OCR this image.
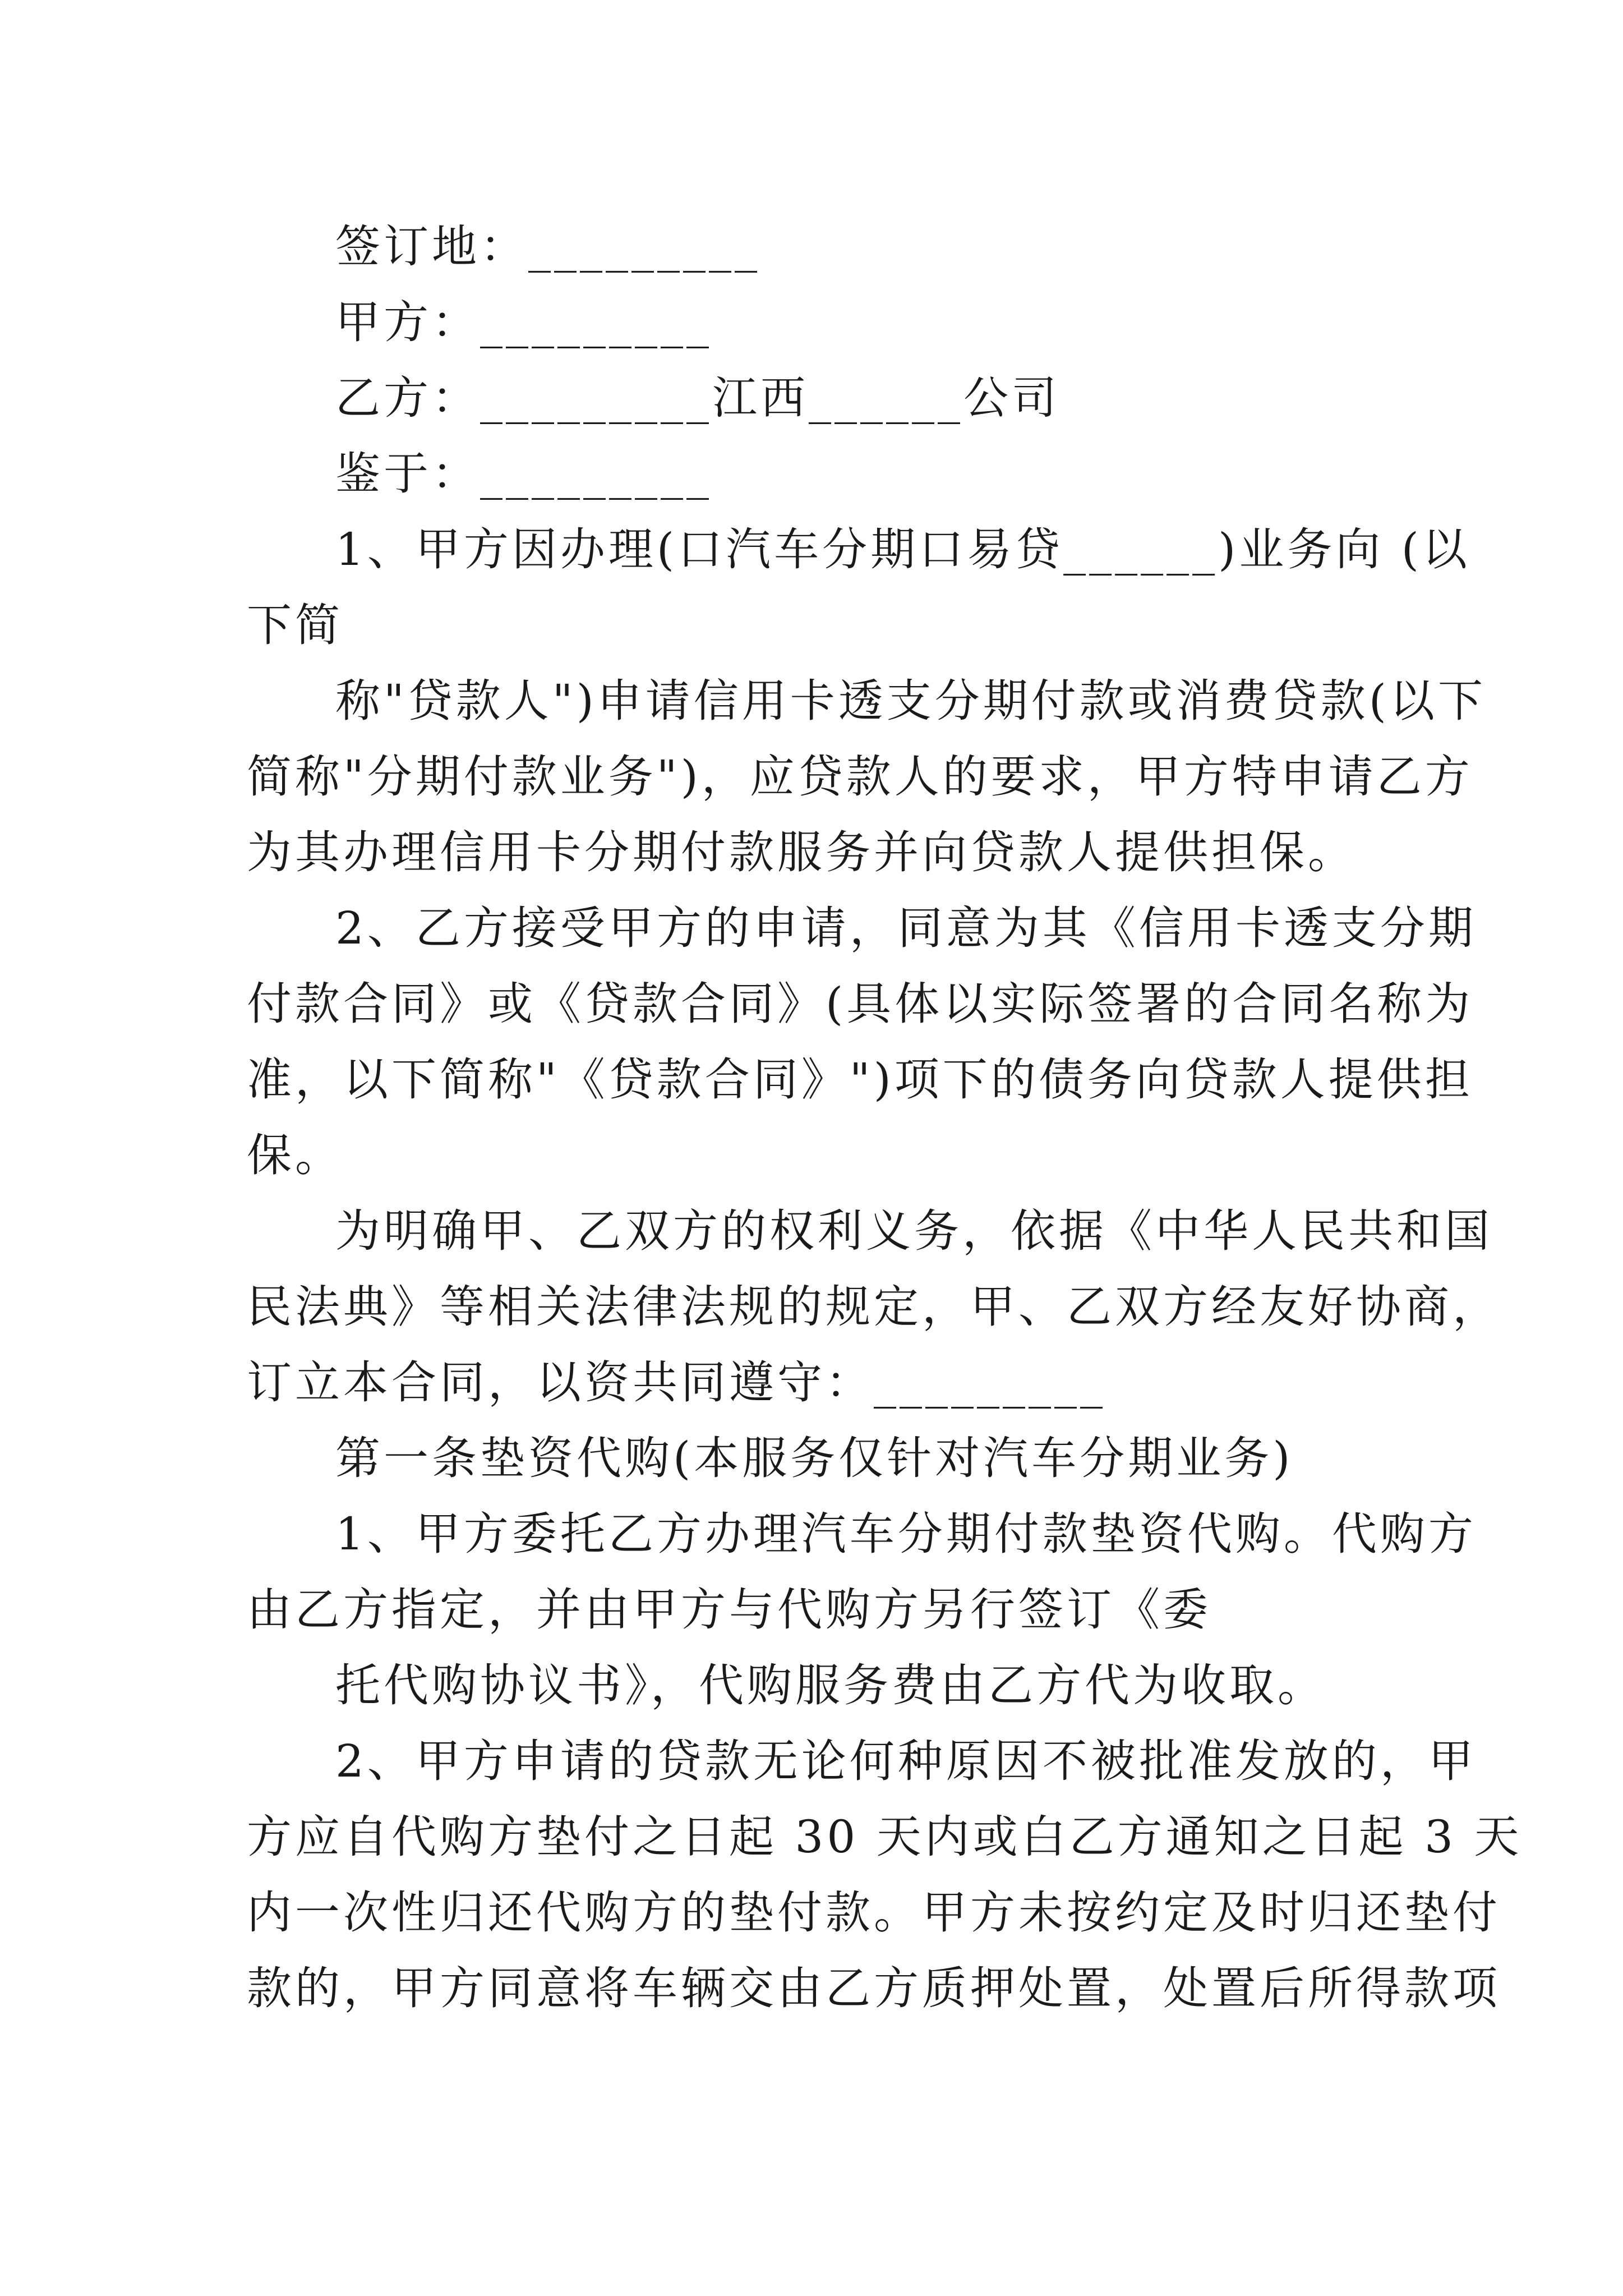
签订地：_________
甲方：_________
乙方：_________江西______公司
鉴于：_________
1、甲方因办理(口汽车分期口易贷______)业务向 (以
下简
称"贷款人")申请信用卡透支分期付款或消费贷款(以下
简称"分期付款业务")，应贷款人的要求，甲方特申请乙方
为其办理信用卡分期付款服务并向贷款人提供担保。
2、乙方接受甲方的申请，同意为其《信用卡透支分期
付款合同》或《贷款合同》(具体以实际签署的合同名称为
准，以下简称"《贷款合同》")项下的债务向贷款人提供担
保。
为明确甲、乙双方的权利义务，依据《中华人民共和国
民法典》等相关法律法规的规定，甲、乙双方经友好协商，
订立本合同，以资共同遵守：_________
第一条垫资代购(本服务仅针对汽车分期业务)
1、甲方委托乙方办理汽车分期付款垫资代购。代购方
由乙方指定，并由甲方与代购方另行签订《委
托代购协议书》，代购服务费由乙方代为收取。
2、甲方申请的贷款无论何种原因不被批准发放的，甲
方应自代购方垫付之日起 30 天内或白乙方通知之日起 3 天
内一次性归还代购方的垫付款。甲方未按约定及时归还垫付
款的，甲方同意将车辆交由乙方质押处置，处置后所得款项
